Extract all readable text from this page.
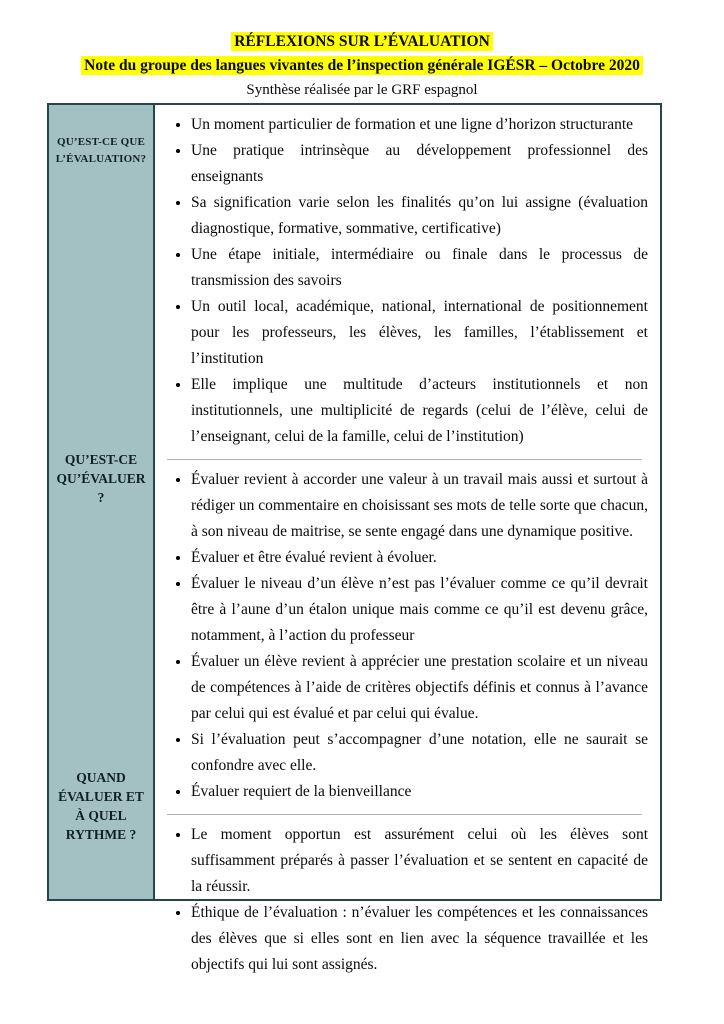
RÉFLEXIONS SUR L’ÉVALUATION
Note du groupe des langues vivantes de l’inspection générale IGÉSR – Octobre 2020
Synthèse réalisée par le GRF espagnol
QU’EST-CE QUE
L’ÉVALUATION?
QU’EST-CE
QU’ÉVALUER
?
QUAND
ÉVALUER ET
À QUEL
RYTHME ?
• Un moment particulier de formation et une ligne d’horizon structurante
• Une pratique intrinsèque au développement professionnel des enseignants
• Sa signification varie selon les finalités qu’on lui assigne (évaluation diagnostique, formative, sommative, certificative)
• Une étape initiale, intermédiaire ou finale dans le processus de transmission des savoirs
• Un outil local, académique, national, international de positionnement pour les professeurs, les élèves, les familles, l’établissement et l’institution
• Elle implique une multitude d’acteurs institutionnels et non institutionnels, une multiplicité de regards (celui de l’élève, celui de l’enseignant, celui de la famille, celui de l’institution)
• Évaluer revient à accorder une valeur à un travail mais aussi et surtout à rédiger un commentaire en choisissant ses mots de telle sorte que chacun, à son niveau de maitrise, se sente engagé dans une dynamique positive.
• Évaluer et être évalué revient à évoluer.
• Évaluer le niveau d’un élève n’est pas l’évaluer comme ce qu’il devrait être à l’aune d’un étalon unique mais comme ce qu’il est devenu grâce, notamment, à l’action du professeur
• Évaluer un élève revient à apprécier une prestation scolaire et un niveau de compétences à l’aide de critères objectifs définis et connus à l’avance par celui qui est évalué et par celui qui évalue.
• Si l’évaluation peut s’accompagner d’une notation, elle ne saurait se confondre avec elle.
• Évaluer requiert de la bienveillance
• Le moment opportun est assurément celui où les élèves sont suffisamment préparés à passer l’évaluation et se sentent en capacité de la réussir.
• Éthique de l’évaluation : n’évaluer les compétences et les connaissances des élèves que si elles sont en lien avec la séquence travaillée et les objectifs qui lui sont assignés.
